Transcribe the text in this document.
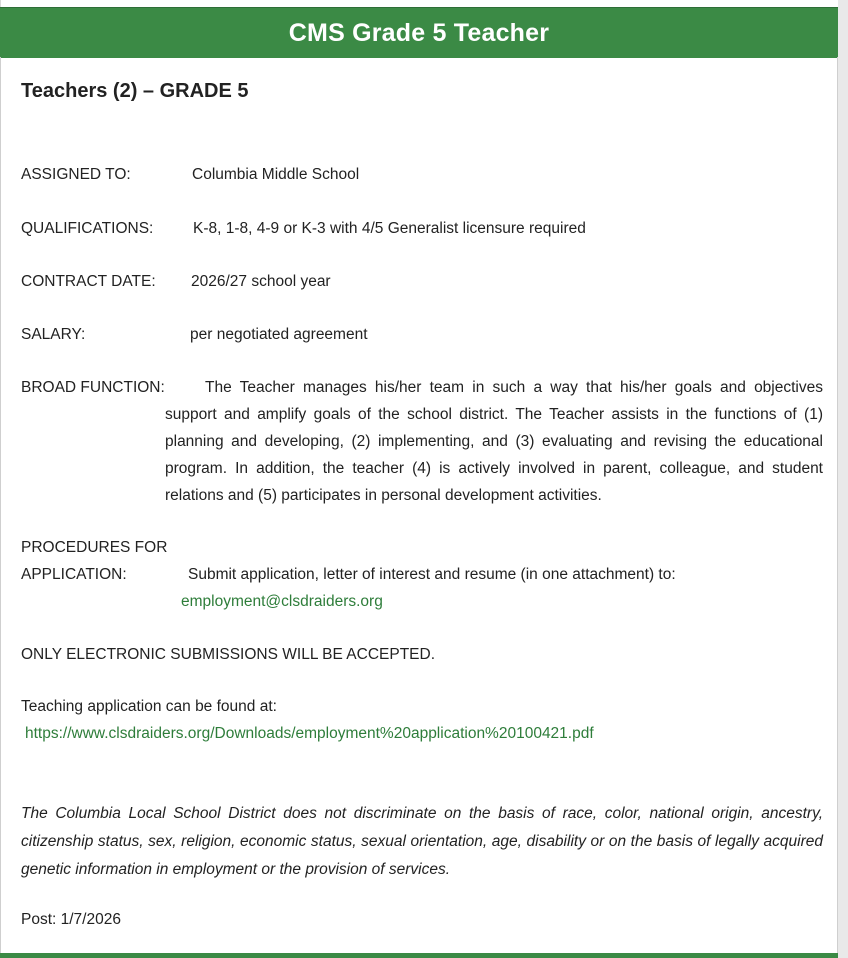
CMS Grade 5 Teacher
Teachers (2) – GRADE 5
ASSIGNED TO:	Columbia Middle School
QUALIFICATIONS:	K-8, 1-8, 4-9 or K-3 with 4/5 Generalist licensure required
CONTRACT DATE: 2026/27 school year
SALARY:	per negotiated agreement
BROAD FUNCTION:	The Teacher manages his/her team in such a way that his/her goals and objectives support and amplify goals of the school district. The Teacher assists in the functions of (1) planning and developing, (2) implementing, and (3) evaluating and revising the educational program. In addition, the teacher (4) is actively involved in parent, colleague, and student relations and (5) participates in personal development activities.
PROCEDURES FOR
APPLICATION:	Submit application, letter of interest and resume (in one attachment) to:
employment@clsdraiders.org
ONLY ELECTRONIC SUBMISSIONS WILL BE ACCEPTED.
Teaching application can be found at:
https://www.clsdraiders.org/Downloads/employment%20application%20100421.pdf
The Columbia Local School District does not discriminate on the basis of race, color, national origin, ancestry, citizenship status, sex, religion, economic status, sexual orientation, age, disability or on the basis of legally acquired genetic information in employment or the provision of services.
Post: 1/7/2026
